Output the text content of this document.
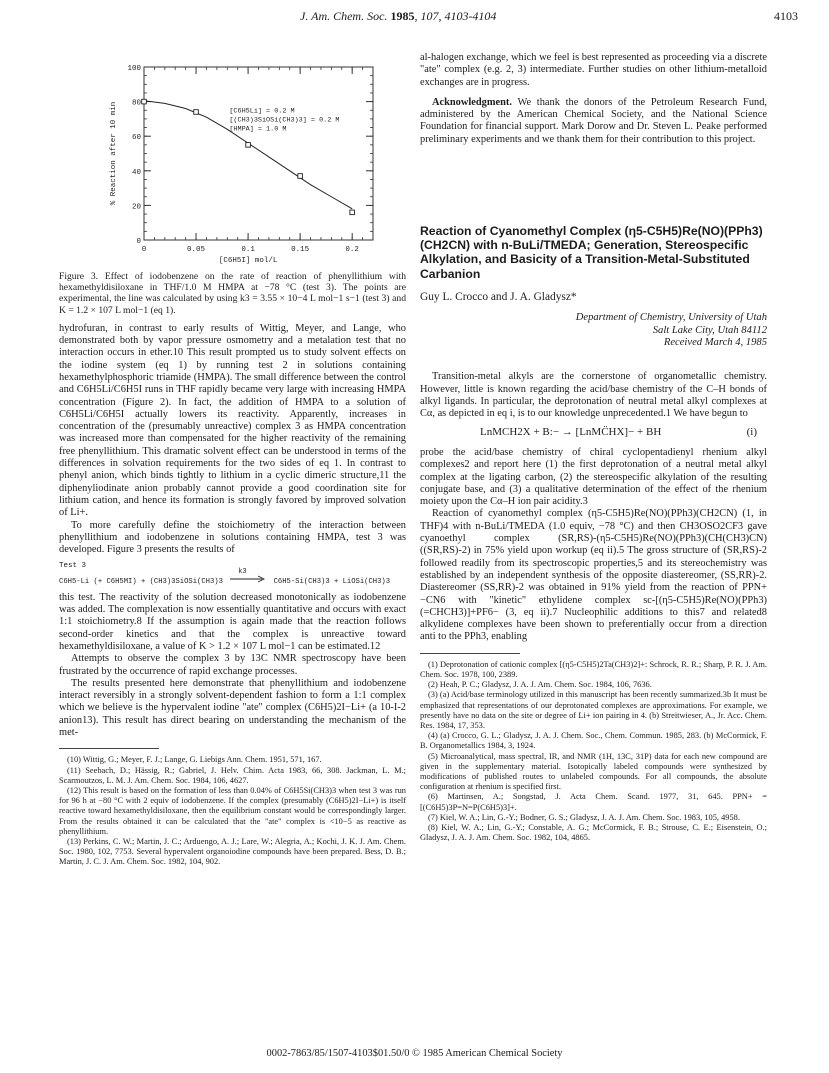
J. Am. Chem. Soc. 1985, 107, 4103-4104	4103
0	0.05	0.1	0.15	0.2
0
20
40
60
80
100
[C6H5I] mol/L
% Reaction after 10 min	[C6H5Li] = 0.2 M
[(CH3)3SiOSi(CH3)3] = 0.2 M
[HMPA] = 1.0 M

Figure 3. Effect of iodobenzene on the rate of reaction of phenyllithium with hexamethyldisiloxane in THF/1.0 M HMPA at −78 °C (test 3). The points are experimental, the line was calculated by using k3 = 3.55 × 10−4 L mol−1 s−1 (test 3) and K = 1.2 × 107 L mol−1 (eq 1).

hydrofuran, in contrast to early results of Wittig, Meyer, and Lange, who demonstrated both by vapor pressure osmometry and a metalation test that no interaction occurs in ether.10 This result prompted us to study solvent effects on the iodine system (eq 1) by running test 2 in solutions containing hexamethylphosphoric triamide (HMPA). The small difference between the control and C6H5Li/C6H5I runs in THF rapidly became very large with increasing HMPA concentration (Figure 2). In fact, the addition of HMPA to a solution of C6H5Li/C6H5I actually lowers its reactivity. Apparently, increases in concentration of the (presumably unreactive) complex 3 as HMPA concentration was increased more than compensated for the higher reactivity of the remaining free phenyllithium. This dramatic solvent effect can be understood in terms of the differences in solvation requirements for the two sides of eq 1. In contrast to phenyl anion, which binds tightly to lithium in a cyclic dimeric structure,11 the diphenyliodinate anion probably cannot provide a good coordination site for lithium cation, and hence its formation is strongly favored by improved solvation of Li+.

To more carefully define the stoichiometry of the interaction between phenyllithium and iodobenzene in solutions containing HMPA, test 3 was developed. Figure 3 presents the results of

Test 3
C6H5-Li (+ C6H5MI) + (CH3)3SiOSi(CH3)3
k3
C6H5-Si(CH3)3 + LiOSi(CH3)3

this test. The reactivity of the solution decreased monotonically as iodobenzene was added. The complexation is now essentially quantitative and occurs with exact 1:1 stoichiometry.8 If the assumption is again made that the reaction follows second-order kinetics and that the complex is unreactive toward hexamethyldisiloxane, a value of K > 1.2 × 107 L mol−1 can be estimated.12

Attempts to observe the complex 3 by 13C NMR spectroscopy have been frustrated by the occurrence of rapid exchange processes.

The results presented here demonstrate that phenyllithium and iodobenzene interact reversibly in a strongly solvent-dependent fashion to form a 1:1 complex which we believe is the hypervalent iodine "ate" complex (C6H5)2I−Li+ (a 10-I-2 anion13). This result has direct bearing on understanding the mechanism of the met-

(10) Wittig, G.; Meyer, F. J.; Lange, G. Liebigs Ann. Chem. 1951, 571, 167.

(11) Seebach, D.; Hässig, R.; Gabriel, J. Helv. Chim. Acta 1983, 66, 308. Jackman, L. M.; Scarmoutzos, L. M. J. Am. Chem. Soc. 1984, 106, 4627.

(12) This result is based on the formation of less than 0.04% of C6H5Si(CH3)3 when test 3 was run for 96 h at −80 °C with 2 equiv of iodobenzene. If the complex (presumably (C6H5)2I−Li+) is itself reactive toward hexamethyldisiloxane, then the equilibrium constant would be correspondingly larger. From the results obtained it can be calculated that the "ate" complex is <10−5 as reactive as phenyllithium.

(13) Perkins, C. W.; Martin, J. C.; Arduengo, A. J.; Lare, W.; Alegria, A.; Kochi, J. K. J. Am. Chem. Soc. 1980, 102, 7753. Several hypervalent organoiodine compounds have been prepared. Bess, D. B.; Martin, J. C. J. Am. Chem. Soc. 1982, 104, 902.

al-halogen exchange, which we feel is best represented as proceeding via a discrete "ate" complex (e.g. 2, 3) intermediate. Further studies on other lithium-metalloid exchanges are in progress.

Acknowledgment. We thank the donors of the Petroleum Research Fund, administered by the American Chemical Society, and the National Science Foundation for financial support. Mark Dorow and Dr. Steven L. Peake performed preliminary experiments and we thank them for their contribution to this project.

Reaction of Cyanomethyl Complex (η5-C5H5)Re(NO)(PPh3)(CH2CN) with n-BuLi/TMEDA; Generation, Stereospecific Alkylation, and Basicity of a Transition-Metal-Substituted Carbanion
Guy L. Crocco and J. A. Gladysz*

Department of Chemistry, University of Utah

Salt Lake City, Utah 84112

Received March 4, 1985

Transition-metal alkyls are the cornerstone of organometallic chemistry. However, little is known regarding the acid/base chemistry of the C–H bonds of alkyl ligands. In particular, the deprotonation of neutral metal alkyl complexes at Cα, as depicted in eq i, is to our knowledge unprecedented.1 We have begun to

LnMCH2X + B:− → [LnMC̈HX]− + BH	(i)

probe the acid/base chemistry of chiral cyclopentadienyl rhenium alkyl complexes2 and report here (1) the first deprotonation of a neutral metal alkyl complex at the ligating carbon, (2) the stereospecific alkylation of the resulting conjugate base, and (3) a qualitative determination of the effect of the rhenium moiety upon the Cα–H ion pair acidity.3

Reaction of cyanomethyl complex (η5-C5H5)Re(NO)(PPh3)(CH2CN) (1, in THF)4 with n-BuLi/TMEDA (1.0 equiv, −78 °C) and then CH3OSO2CF3 gave cyanoethyl complex (SR,RS)-(η5-C5H5)Re(NO)(PPh3)(CH(CH3)CN) ((SR,RS)-2) in 75% yield upon workup (eq ii).5 The gross structure of (SR,RS)-2 followed readily from its spectroscopic properties,5 and its stereochemistry was established by an independent synthesis of the opposite diastereomer, (SS,RR)-2. Diastereomer (SS,RR)-2 was obtained in 91% yield from the reaction of PPN+−CN6 with "kinetic" ethylidene complex sc-[(η5-C5H5)Re(NO)(PPh3)(=CHCH3)]+PF6− (3, eq ii).7 Nucleophilic additions to this7 and related8 alkylidene complexes have been shown to preferentially occur from a direction anti to the PPh3, enabling

(1) Deprotonation of cationic complex [(η5-C5H5)2Ta(CH3)2]+: Schrock, R. R.; Sharp, P. R. J. Am. Chem. Soc. 1978, 100, 2389.

(2) Heah, P. C.; Gladysz, J. A. J. Am. Chem. Soc. 1984, 106, 7636.

(3) (a) Acid/base terminology utilized in this manuscript has been recently summarized.3b It must be emphasized that representations of our deprotonated complexes are approximations. For example, we presently have no data on the site or degree of Li+ ion pairing in 4. (b) Streitwieser, A., Jr. Acc. Chem. Res. 1984, 17, 353.

(4) (a) Crocco, G. L.; Gladysz, J. A. J. Chem. Soc., Chem. Commun. 1985, 283. (b) McCormick, F. B. Organometallics 1984, 3, 1924.

(5) Microanalytical, mass spectral, IR, and NMR (1H, 13C, 31P) data for each new compound are given in the supplementary material. Isotopically labeled compounds were synthesized by modifications of published routes to unlabeled compounds. For all compounds, the absolute configuration at rhenium is specified first.

(6) Martinsen, A.; Songstad, J. Acta Chem. Scand. 1977, 31, 645. PPN+ = [(C6H5)3P=N=P(C6H5)3]+.

(7) Kiel, W. A.; Lin, G.-Y.; Bodner, G. S.; Gladysz, J. A. J. Am. Chem. Soc. 1983, 105, 4958.

(8) Kiel, W. A.; Lin, G.-Y.; Constable, A. G.; McCormick, F. B.; Strouse, C. E.; Eisenstein, O.; Gladysz, J. A. J. Am. Chem. Soc. 1982, 104, 4865.

0002-7863/85/1507-4103$01.50/0 © 1985 American Chemical Society
